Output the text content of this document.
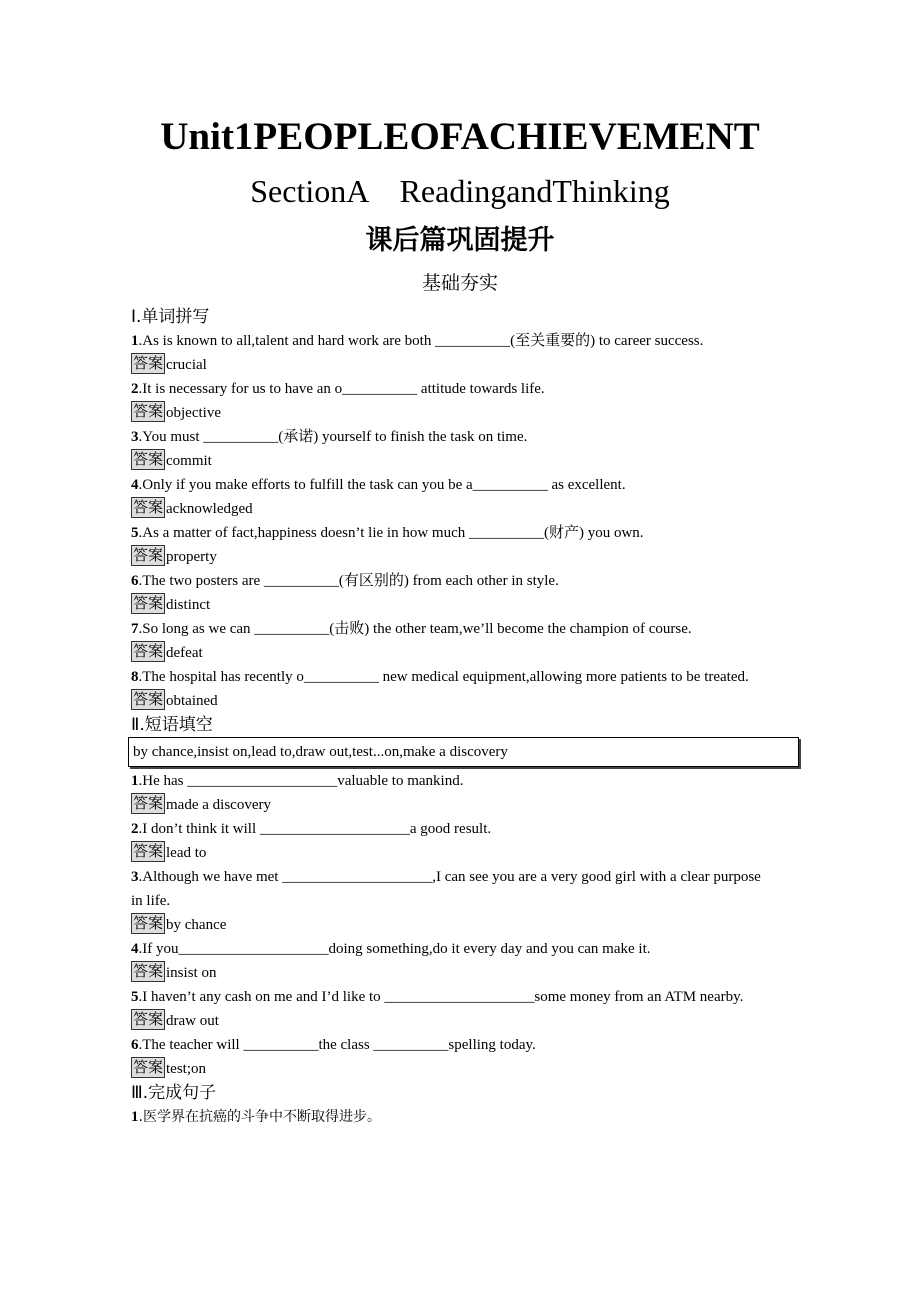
Unit1PEOPLEOFACHIEVEMENT
SectionA　ReadingandThinking
课后篇巩固提升
基础夯实
Ⅰ.单词拼写
1.As is known to all,talent and hard work are both __________(至关重要的) to career success.
答案 crucial
2.It is necessary for us to have an o__________ attitude towards life.
答案 objective
3.You must __________(承诺) yourself to finish the task on time.
答案 commit
4.Only if you make efforts to fulfill the task can you be a__________ as excellent.
答案 acknowledged
5.As a matter of fact,happiness doesn’t lie in how much __________(财产) you own.
答案 property
6.The two posters are __________(有区别的) from each other in style.
答案 distinct
7.So long as we can __________(击败) the other team,we’ll become the champion of course.
答案 defeat
8.The hospital has recently o__________ new medical equipment,allowing more patients to be treated.
答案 obtained
Ⅱ.短语填空
by chance,insist on,lead to,draw out,test...on,make a discovery
1.He has ____________________valuable to mankind.
答案 made a discovery
2.I don’t think it will ____________________a good result.
答案 lead to
3.Although we have met ____________________,I can see you are a very good girl with a clear purpose in life.
答案 by chance
4.If you____________________doing something,do it every day and you can make it.
答案 insist on
5.I haven’t any cash on me and I’d like to ____________________some money from an ATM nearby.
答案 draw out
6.The teacher will __________the class __________spelling today.
答案 test;on
Ⅲ.完成句子
1.医学界在抗癌的斗争中不断取得进步。
